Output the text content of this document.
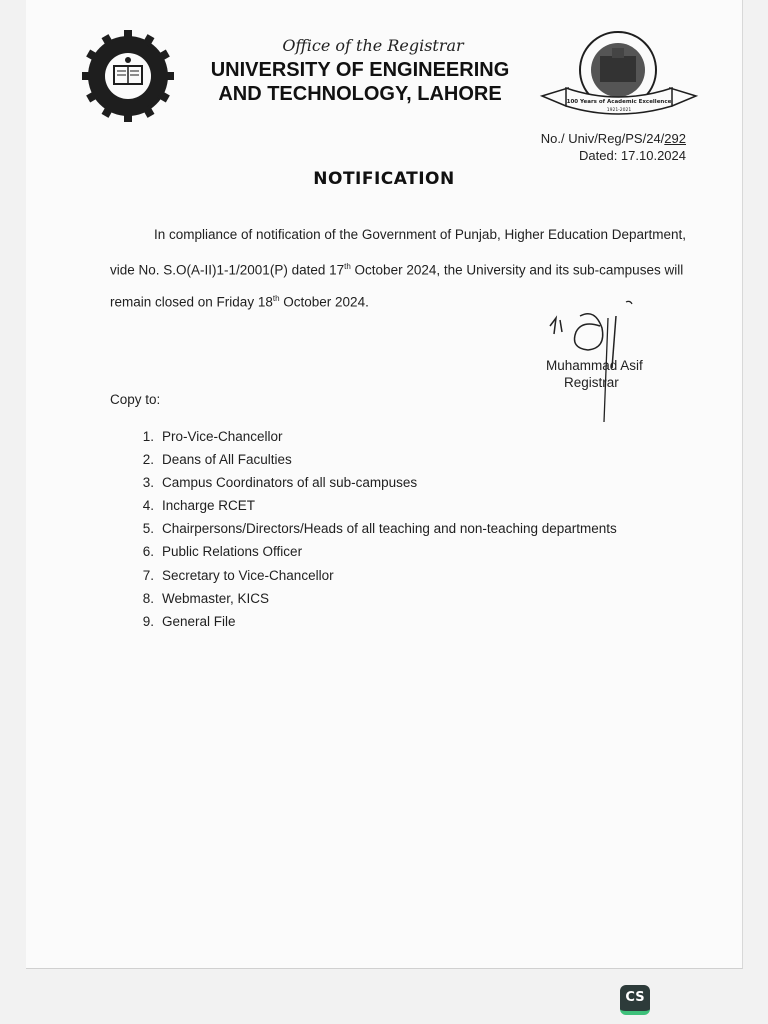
Office of the Registrar
UNIVERSITY OF ENGINEERING
AND TECHNOLOGY, LAHORE	100 Years of Academic Excellence
1921-2021
No./ Univ/Reg/PS/24/292
Dated: 17.10.2024
NOTIFICATION
In compliance of notification of the Government of Punjab, Higher Education Department,
vide No. S.O(A-II)1-1/2001(P) dated 17th October 2024, the University and its sub-campuses will
remain closed on Friday 18th October 2024.
Muhammad Asif
Registrar
Copy to:
1. Pro-Vice-Chancellor
2. Deans of All Faculties
3. Campus Coordinators of all sub-campuses
4. Incharge RCET
5. Chairpersons/Directors/Heads of all teaching and non-teaching departments
6. Public Relations Officer
7. Secretary to Vice-Chancellor
8. Webmaster, KICS
9. General File
CS
